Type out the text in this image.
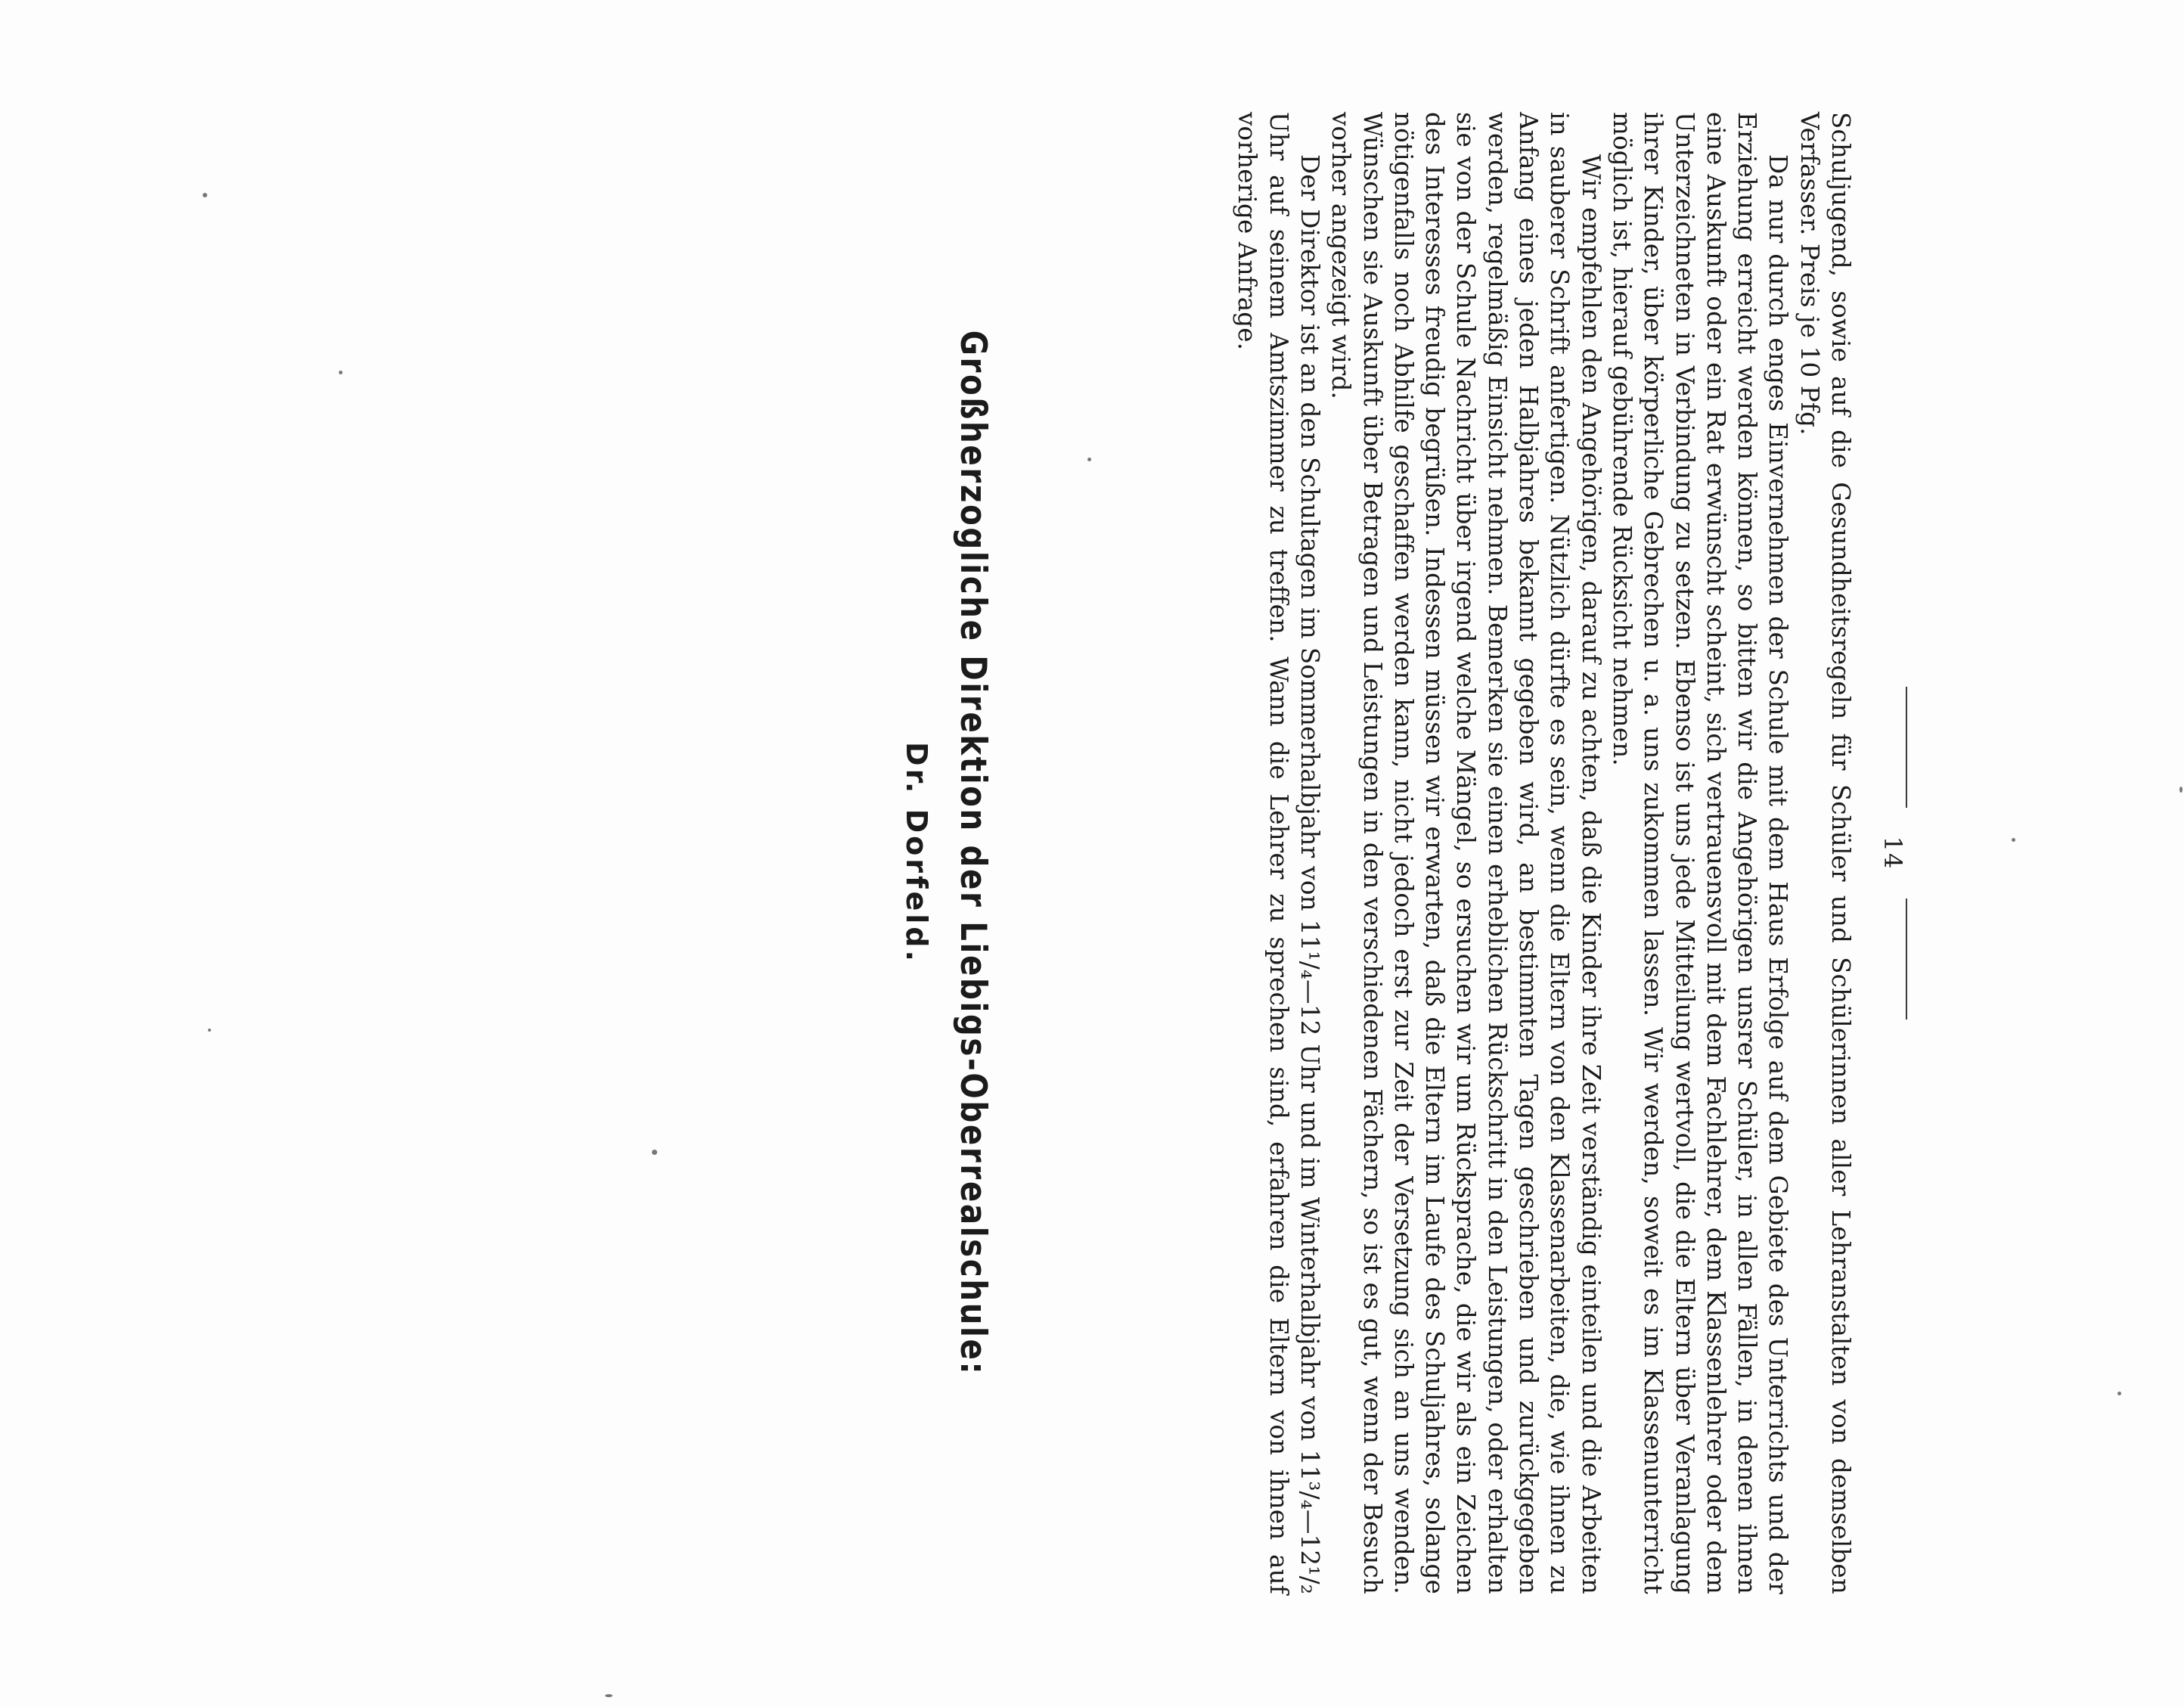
14

Schuljugend, sowie auf die Gesundheitsregeln für Schüler und Schülerinnen aller Lehranstalten von demselben Verfasser. Preis je 10 Pfg.

Da nur durch enges Einvernehmen der Schule mit dem Haus Erfolge auf dem Gebiete des Unterrichts und der Erziehung erreicht werden können, so bitten wir die Angehörigen unsrer Schüler, in allen Fällen, in denen ihnen eine Auskunft oder ein Rat erwünscht scheint, sich vertrauensvoll mit dem Fachlehrer, dem Klassenlehrer oder dem Unterzeichneten in Verbindung zu setzen. Ebenso ist uns jede Mitteilung wertvoll, die die Eltern über Veranlagung ihrer Kinder, über körperliche Gebrechen u. a. uns zukommen lassen. Wir werden, soweit es im Klassenunterricht möglich ist, hierauf gebührende Rücksicht nehmen.

Wir empfehlen den Angehörigen, darauf zu achten, daß die Kinder ihre Zeit verständig einteilen und die Arbeiten in sauberer Schrift anfertigen. Nützlich dürfte es sein, wenn die Eltern von den Klassenarbeiten, die, wie ihnen zu Anfang eines jeden Halbjahres bekannt gegeben wird, an bestimmten Tagen geschrieben und zurückgegeben werden, regelmäßig Einsicht nehmen. Bemerken sie einen erheblichen Rückschritt in den Leistungen, oder erhalten sie von der Schule Nachricht über irgend welche Mängel, so ersuchen wir um Rücksprache, die wir als ein Zeichen des Interesses freudig begrüßen. Indessen müssen wir erwarten, daß die Eltern im Laufe des Schuljahres, solange nötigenfalls noch Abhilfe geschaffen werden kann, nicht jedoch erst zur Zeit der Versetzung sich an uns wenden. Wünschen sie Auskunft über Betragen und Leistungen in den verschiedenen Fächern, so ist es gut, wenn der Besuch vorher angezeigt wird.

Der Direktor ist an den Schultagen im Sommerhalbjahr von 11¹/₄—12 Uhr und im Winterhalbjahr von 11³/₄—12¹/₂ Uhr auf seinem Amtszimmer zu treffen. Wann die Lehrer zu sprechen sind, erfahren die Eltern von ihnen auf vorherige Anfrage.

Großherzogliche Direktion der Liebigs-Oberrealschule:
Dr. Dorfeld.
